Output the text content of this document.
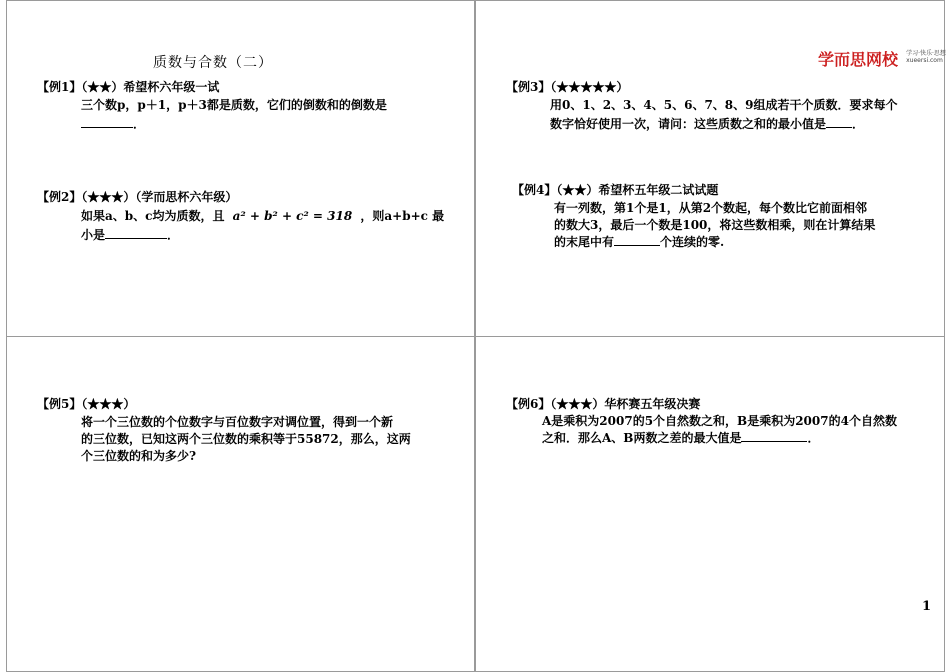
质数与合数（二）
【例1】（★★）希望杯六年级一试
三个数p，p＋1，p＋3都是质数，它们的倒数和的倒数是
．
【例2】（★★★）（学而思杯六年级）
如果a、b、c均为质数，且 a² + b² + c² = 318 ，则a+b+c 最
小是	．
学而思网校 学习·快乐·思想
xueersi.com
【例3】（★★★★★）
用0、1、2、3、4、5、6、7、8、9组成若干个质数．要求每个
数字恰好使用一次，请问：这些质数之和的最小值是 ．
【例4】（★★）希望杯五年级二试试题
有一列数，第1个是1，从第2个数起，每个数比它前面相邻
的数大3，最后一个数是100，将这些数相乘，则在计算结果
的末尾中有	个连续的零.
【例5】（★★★）
将一个三位数的个位数字与百位数字对调位置，得到一个新
的三位数，已知这两个三位数的乘积等于55872，那么，这两
个三位数的和为多少?
【例6】（★★★）华杯赛五年级决赛
A是乘积为2007的5个自然数之和，B是乘积为2007的4个自然数
之和．那么A、B两数之差的最大值是	．
1
